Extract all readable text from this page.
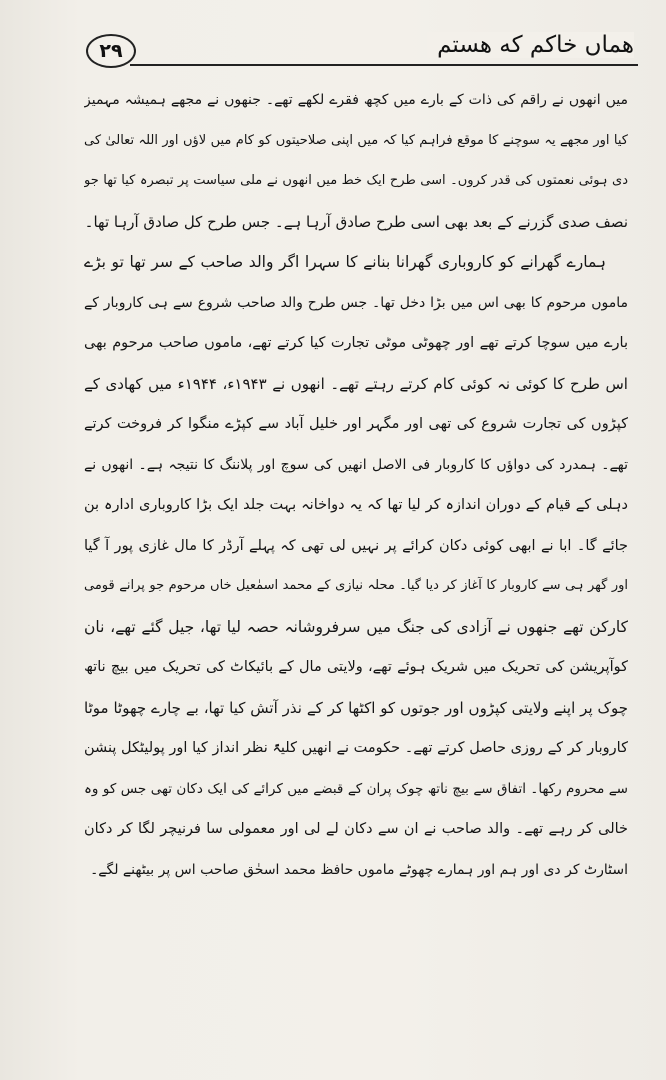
۲۹	هماں خاکم که هستم
میں انھوں نے راقم کی ذات کے بارے میں کچھ فقرے لکھے تھے۔ جنھوں نے مجھے ہمیشہ مہمیز
کیا اور مجھے یہ سوچنے کا موقع فراہم کیا کہ میں اپنی صلاحیتوں کو کام میں لاؤں اور اللہ تعالیٰ کی
دی ہوئی نعمتوں کی قدر کروں۔ اسی طرح ایک خط میں انھوں نے ملی سیاست پر تبصرہ کیا تھا جو
نصف صدی گزرنے کے بعد بھی اسی طرح صادق آرہا ہے۔ جس طرح کل صادق آرہا تھا۔
ہمارے گھرانے کو کاروباری گھرانا بنانے کا سہرا اگر والد صاحب کے سر تھا تو بڑے
ماموں مرحوم کا بھی اس میں بڑا دخل تھا۔ جس طرح والد صاحب شروع سے ہی کاروبار کے
بارے میں سوچا کرتے تھے اور چھوٹی موٹی تجارت کیا کرتے تھے، ماموں صاحب مرحوم بھی
اس طرح کا کوئی نہ کوئی کام کرتے رہتے تھے۔ انھوں نے ۱۹۴۳ء، ۱۹۴۴ء میں کھادی کے
کپڑوں کی تجارت شروع کی تھی اور مگہر اور خلیل آباد سے کپڑے منگوا کر فروخت کرتے
تھے۔ ہمدرد کی دواؤں کا کاروبار فی الاصل انھیں کی سوچ اور پلاننگ کا نتیجہ ہے۔ انھوں نے
دہلی کے قیام کے دوران اندازہ کر لیا تھا کہ یہ دواخانہ بہت جلد ایک بڑا کاروباری ادارہ بن
جائے گا۔ ابا نے ابھی کوئی دکان کرائے پر نہیں لی تھی کہ پہلے آرڈر کا مال غازی پور آ گیا
اور گھر ہی سے کاروبار کا آغاز کر دیا گیا۔ محلہ نیازی کے محمد اسمٰعیل خاں مرحوم جو پرانے قومی
کارکن تھے جنھوں نے آزادی کی جنگ میں سرفروشانہ حصہ لیا تھا، جیل گئے تھے، نان
کوآپریشن کی تحریک میں شریک ہوئے تھے، ولایتی مال کے بائیکاٹ کی تحریک میں بیچ ناتھ
چوک پر اپنے ولایتی کپڑوں اور جوتوں کو اکٹھا کر کے نذر آتش کیا تھا، بے چارے چھوٹا موٹا
کاروبار کر کے روزی حاصل کرتے تھے۔ حکومت نے انھیں کلیۃً نظر انداز کیا اور پولیٹکل پنشن
سے محروم رکھا۔ اتفاق سے بیچ ناتھ چوک پران کے قبضے میں کرائے کی ایک دکان تھی جس کو وہ
خالی کر رہے تھے۔ والد صاحب نے ان سے دکان لے لی اور معمولی سا فرنیچر لگا کر دکان
اسٹارٹ کر دی اور ہم اور ہمارے چھوٹے ماموں حافظ محمد اسحٰق صاحب اس پر بیٹھنے لگے۔
